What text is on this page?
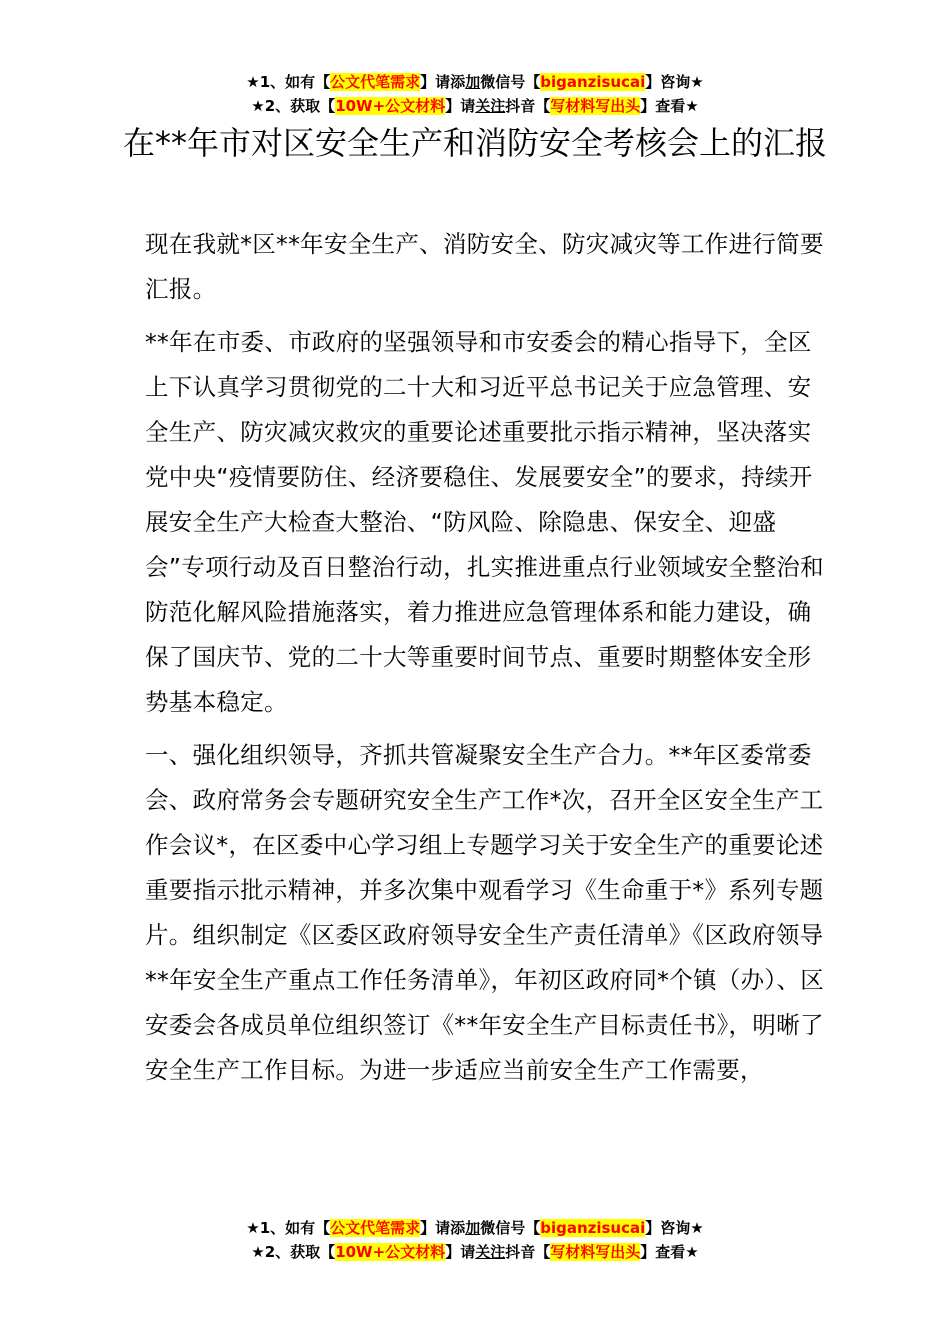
★1、如有【公文代笔需求】请添加微信号【biganzisucai】咨询★
★2、获取【10W+公文材料】请关注抖音【写材料写出头】查看★
在**年市对区安全生产和消防安全考核会上的汇报

现在我就*区**年安全生产、消防安全、防灾减灾等工作进行简要汇报。

**年在市委、市政府的坚强领导和市安委会的精心指导下，全区上下认真学习贯彻党的二十大和习近平总书记关于应急管理、安全生产、防灾减灾救灾的重要论述重要批示指示精神，坚决落实党中央“疫情要防住、经济要稳住、发展要安全”的要求，持续开展安全生产大检查大整治、“防风险、除隐患、保安全、迎盛会”专项行动及百日整治行动，扎实推进重点行业领域安全整治和防范化解风险措施落实，着力推进应急管理体系和能力建设，确保了国庆节、党的二十大等重要时间节点、重要时期整体安全形势基本稳定。

一、强化组织领导，齐抓共管凝聚安全生产合力。**年区委常委会、政府常务会专题研究安全生产工作*次，召开全区安全生产工作会议*，在区委中心学习组上专题学习关于安全生产的重要论述重要指示批示精神，并多次集中观看学习《生命重于*》系列专题片。组织制定《区委区政府领导安全生产责任清单》《区政府领导**年安全生产重点工作任务清单》，年初区政府同*个镇（办）、区安委会各成员单位组织签订《**年安全生产目标责任书》，明晰了安全生产工作目标。为进一步适应当前安全生产工作需要，

★1、如有【公文代笔需求】请添加微信号【biganzisucai】咨询★
★2、获取【10W+公文材料】请关注抖音【写材料写出头】查看★
